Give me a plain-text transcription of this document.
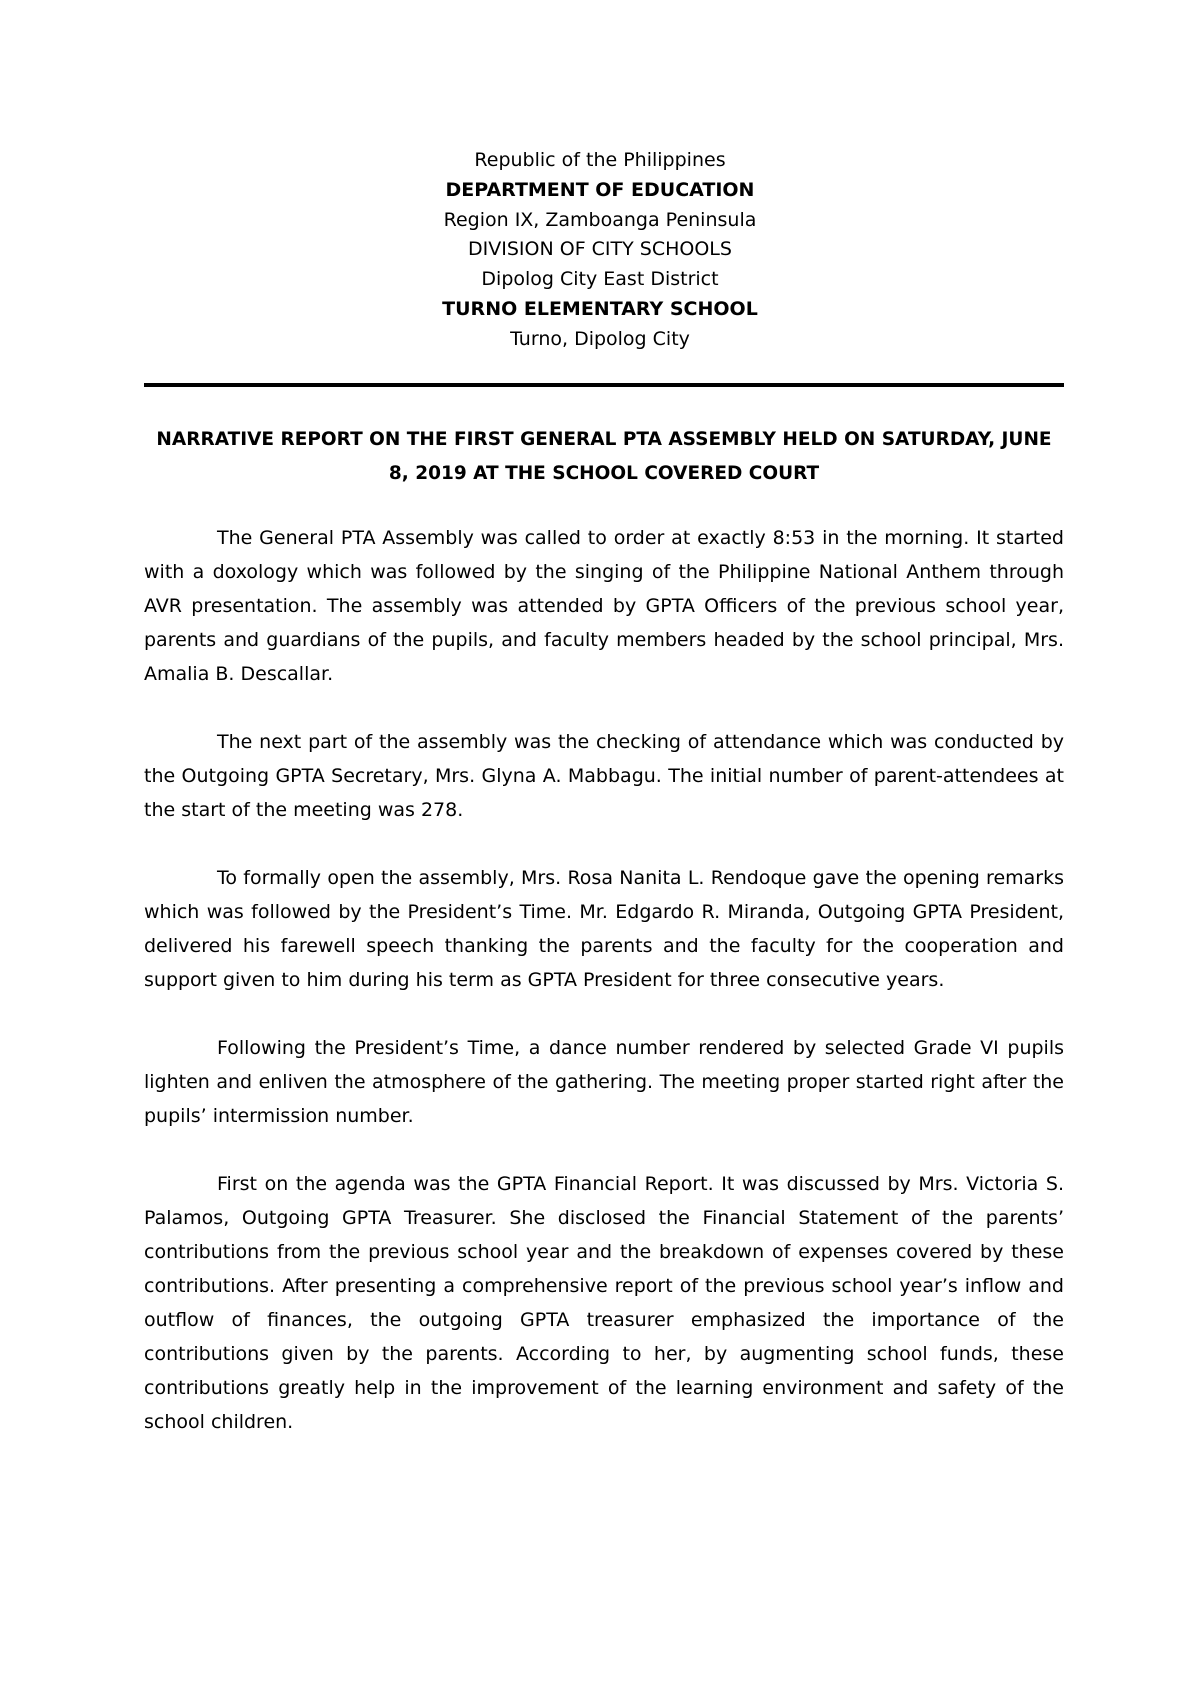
Republic of the Philippines
DEPARTMENT OF EDUCATION
Region IX, Zamboanga Peninsula
DIVISION OF CITY SCHOOLS
Dipolog City East District
TURNO ELEMENTARY SCHOOL
Turno, Dipolog City
NARRATIVE REPORT ON THE FIRST GENERAL PTA ASSEMBLY HELD ON SATURDAY, JUNE 8, 2019 AT THE SCHOOL COVERED COURT

The General PTA Assembly was called to order at exactly 8:53 in the morning. It started with a doxology which was followed by the singing of the Philippine National Anthem through AVR presentation. The assembly was attended by GPTA Officers of the previous school year, parents and guardians of the pupils, and faculty members headed by the school principal, Mrs. Amalia B. Descallar.

The next part of the assembly was the checking of attendance which was conducted by the Outgoing GPTA Secretary, Mrs. Glyna A. Mabbagu. The initial number of parent-attendees at the start of the meeting was 278.

To formally open the assembly, Mrs. Rosa Nanita L. Rendoque gave the opening remarks which was followed by the President’s Time. Mr. Edgardo R. Miranda, Outgoing GPTA President, delivered his farewell speech thanking the parents and the faculty for the cooperation and support given to him during his term as GPTA President for three consecutive years.

Following the President’s Time, a dance number rendered by selected Grade VI pupils lighten and enliven the atmosphere of the gathering. The meeting proper started right after the pupils’ intermission number.

First on the agenda was the GPTA Financial Report. It was discussed by Mrs. Victoria S. Palamos, Outgoing GPTA Treasurer. She disclosed the Financial Statement of the parents’ contributions from the previous school year and the breakdown of expenses covered by these contributions. After presenting a comprehensive report of the previous school year’s inflow and outflow of finances, the outgoing GPTA treasurer emphasized the importance of the contributions given by the parents. According to her, by augmenting school funds, these contributions greatly help in the improvement of the learning environment and safety of the school children.
